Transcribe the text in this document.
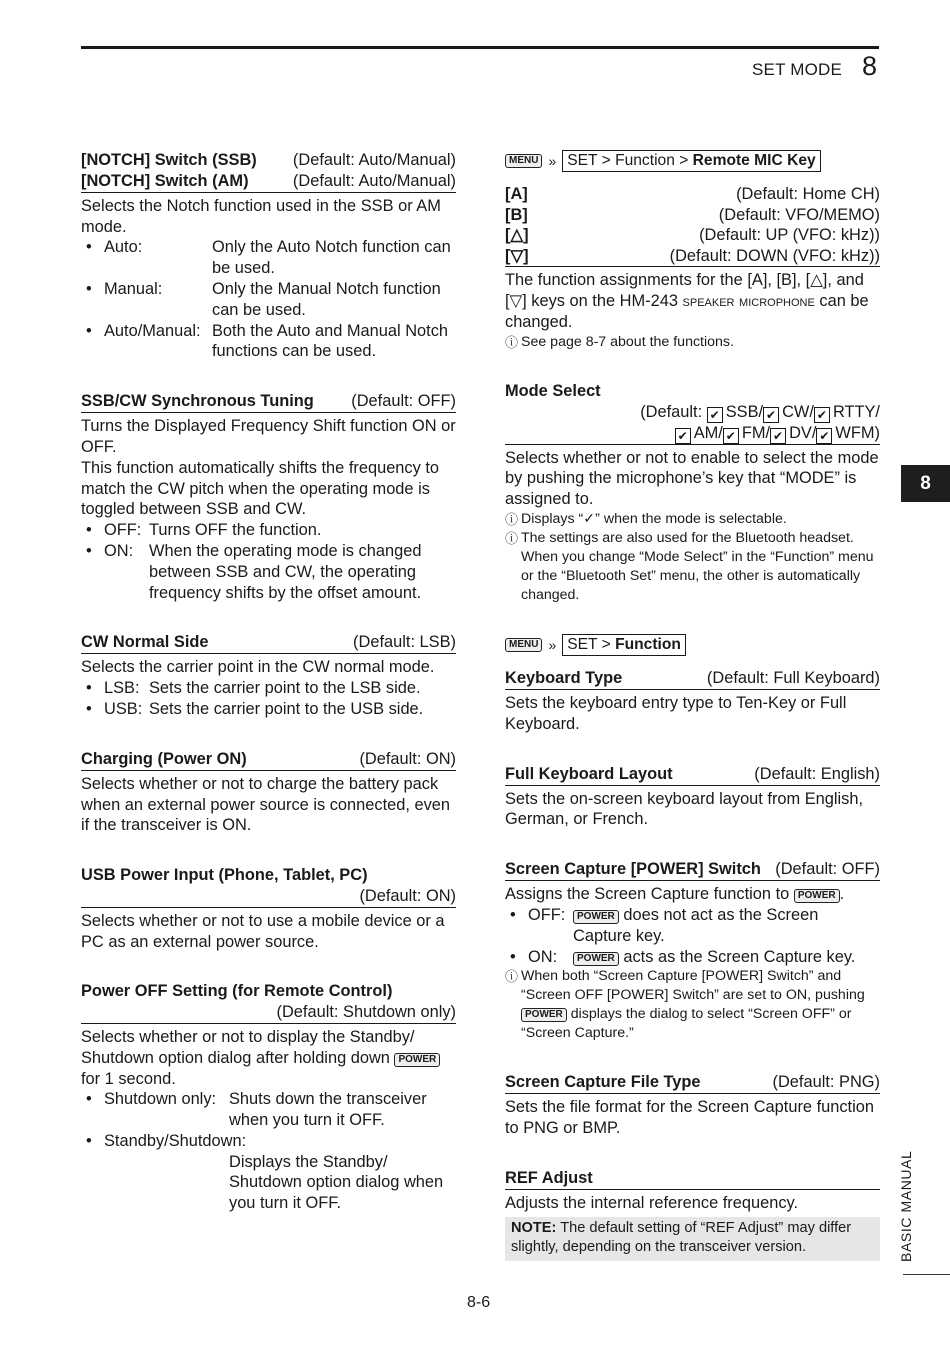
SET MODE 8
8
BASIC MANUAL
8-6
[NOTCH] Switch (SSB) (Default: Auto/Manual)
[NOTCH] Switch (AM)	(Default: Auto/Manual)

Selects the Notch function used in the SSB or AM mode.

• Auto:	Only the Auto Notch function can be used.
• Manual:	Only the Manual Notch function can be used.
• Auto/Manual: Both the Auto and Manual Notch functions can be used.
SSB/CW Synchronous Tuning (Default: OFF)

Turns the Displayed Frequency Shift function ON or OFF.

This function automatically shifts the frequency to match the CW pitch when the operating mode is toggled between SSB and CW.

• OFF: Turns OFF the function.
• ON: When the operating mode is changed between SSB and CW, the operating frequency shifts by the offset amount.
CW Normal Side	(Default: LSB)

Selects the carrier point in the CW normal mode.

• LSB: Sets the carrier point to the LSB side.
• USB: Sets the carrier point to the USB side.
Charging (Power ON)	(Default: ON)

Selects whether or not to charge the battery pack when an external power source is connected, even if the transceiver is ON.

USB Power Input (Phone, Tablet, PC)
(Default: ON)

Selects whether or not to use a mobile device or a PC as an external power source.

Power OFF Setting (for Remote Control)
(Default: Shutdown only)

Selects whether or not to display the Standby/ Shutdown option dialog after holding down POWER for 1 second.

• Shutdown only: Shuts down the transceiver when you turn it OFF.
• Standby/Shutdown:
Displays the Standby/ Shutdown option dialog when you turn it OFF.
MENU » SET > Function > Remote MIC Key
[A]	(Default: Home CH)
[B]	(Default: VFO/MEMO)
[△]	(Default: UP (VFO: kHz))
[▽]	(Default: DOWN (VFO: kHz))

The function assignments for the [A], [B], [△], and [▽] keys on the HM-243 speaker microphone can be changed.

ⓘ See page 8-7 about the functions.
Mode Select
(Default: ✔ SSB/ ✔ CW/ ✔ RTTY/
✔ AM/ ✔ FM/ ✔ DV/ ✔ WFM)

Selects whether or not to enable to select the mode by pushing the microphone’s key that “MODE” is assigned to.

ⓘ Displays “✓” when the mode is selectable.
ⓘ The settings are also used for the Bluetooth headset. When you change “Mode Select” in the “Function” menu or the “Bluetooth Set” menu, the other is automatically changed.
MENU » SET > Function
Keyboard Type	(Default: Full Keyboard)

Sets the keyboard entry type to Ten-Key or Full Keyboard.

Full Keyboard Layout	(Default: English)

Sets the on-screen keyboard layout from English, German, or French.

Screen Capture [POWER] Switch (Default: OFF)

Assigns the Screen Capture function to POWER .

• OFF:	POWER does not act as the Screen Capture key.
• ON:	POWER acts as the Screen Capture key.
ⓘ When both “Screen Capture [POWER] Switch” and “Screen OFF [POWER] Switch” are set to ON, pushing POWER displays the dialog to select “Screen OFF” or “Screen Capture.”
Screen Capture File Type	(Default: PNG)

Sets the file format for the Screen Capture function to PNG or BMP.

REF Adjust

Adjusts the internal reference frequency.

NOTE: The default setting of “REF Adjust” may differ slightly, depending on the transceiver version.
